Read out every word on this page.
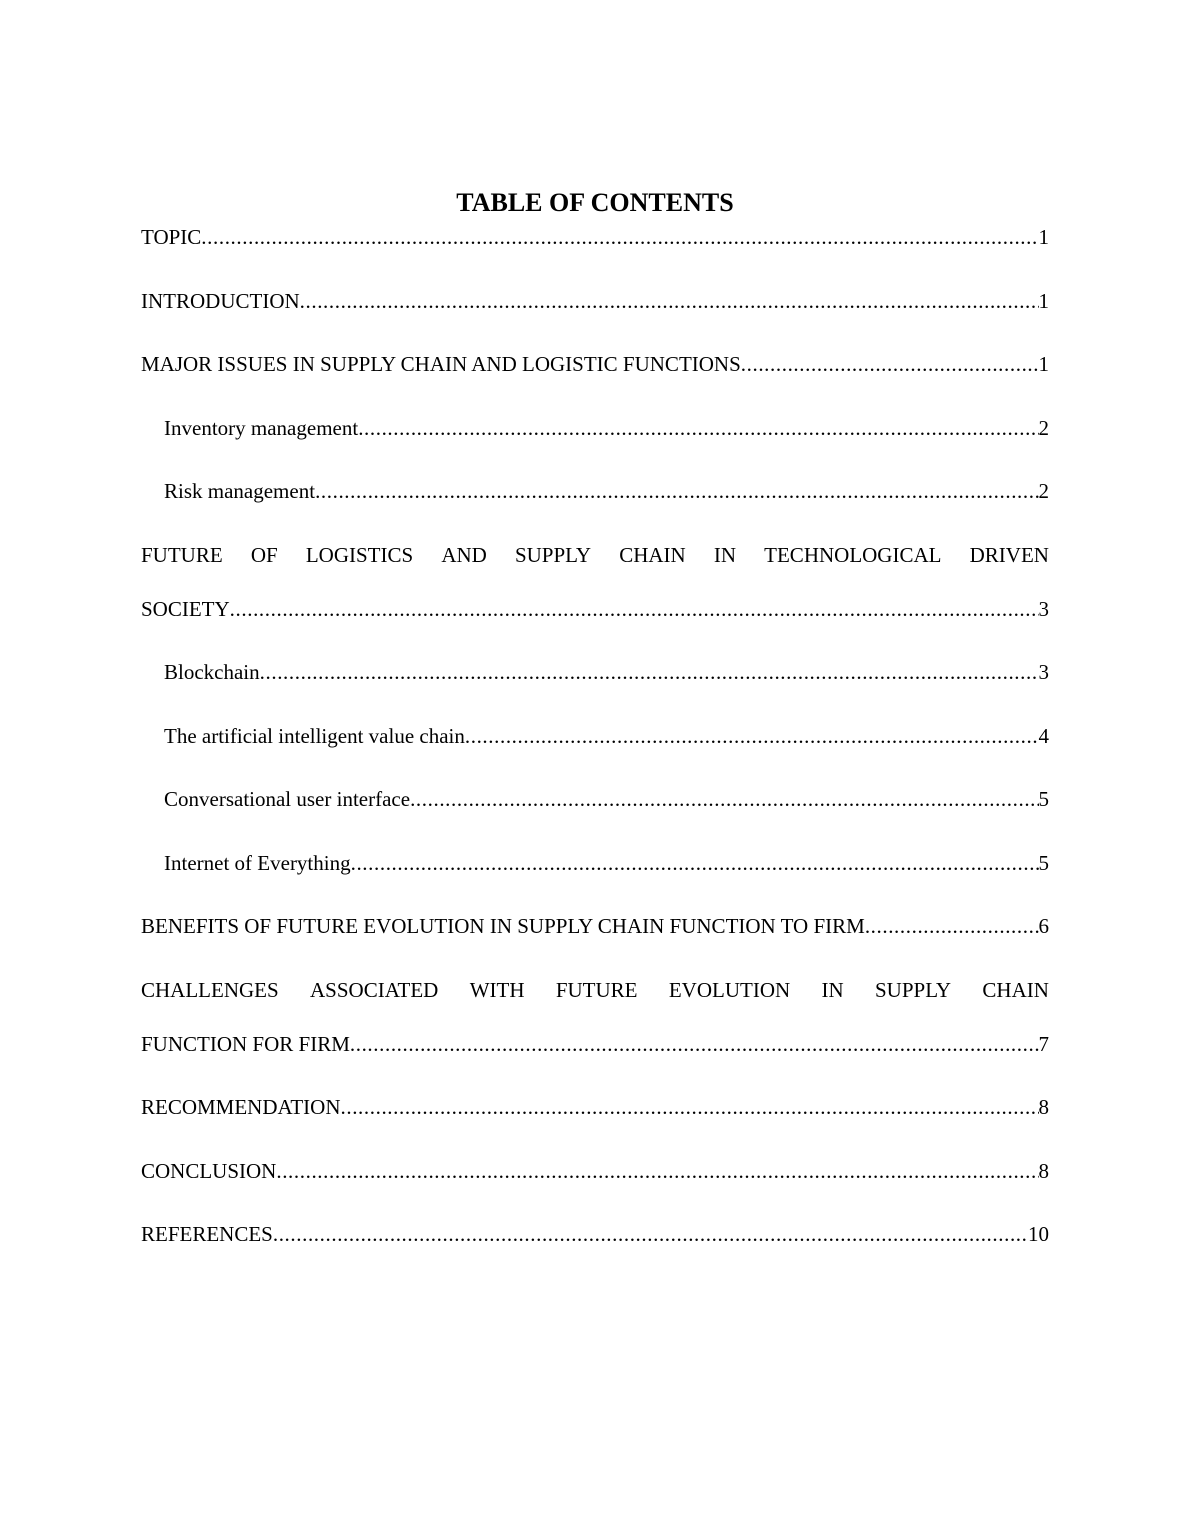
TABLE OF CONTENTS
TOPIC .....	1
INTRODUCTION .....	1
MAJOR ISSUES IN SUPPLY CHAIN AND LOGISTIC FUNCTIONS .....	1
Inventory management .....	2
Risk management .....	2
FUTURE OF LOGISTICS AND SUPPLY CHAIN IN TECHNOLOGICAL DRIVEN
SOCIETY .....	3
Blockchain .....	3
The artificial intelligent value chain .....	4
Conversational user interface .....	5
Internet of Everything .....	5
BENEFITS OF FUTURE EVOLUTION IN SUPPLY CHAIN FUNCTION TO FIRM .....	6
CHALLENGES ASSOCIATED WITH FUTURE EVOLUTION IN SUPPLY CHAIN
FUNCTION FOR FIRM .....	7
RECOMMENDATION .....	8
CONCLUSION .....	8
REFERENCES .....	10
